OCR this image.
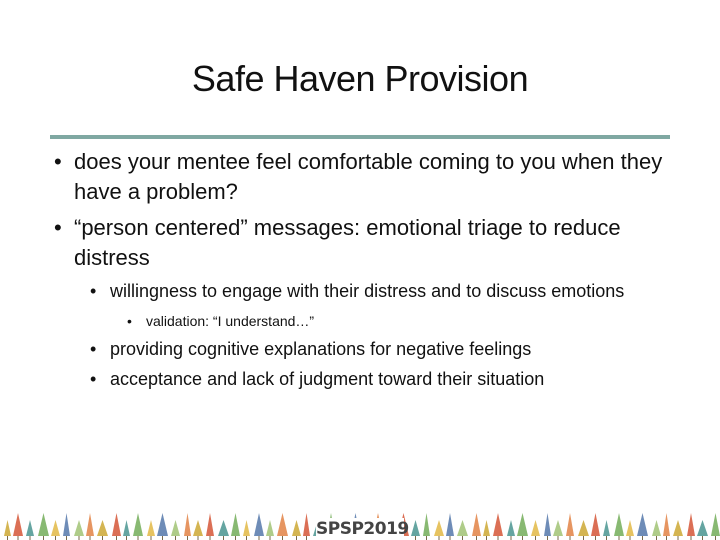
Safe Haven Provision
• does your mentee feel comfortable coming to you when they have a problem?
• “person centered” messages: emotional triage to reduce distress
• willingness to engage with their distress and to discuss emotions
• validation: “I understand…”
• providing cognitive explanations for negative feelings
• acceptance and lack of judgment toward their situation
SPSP2019
